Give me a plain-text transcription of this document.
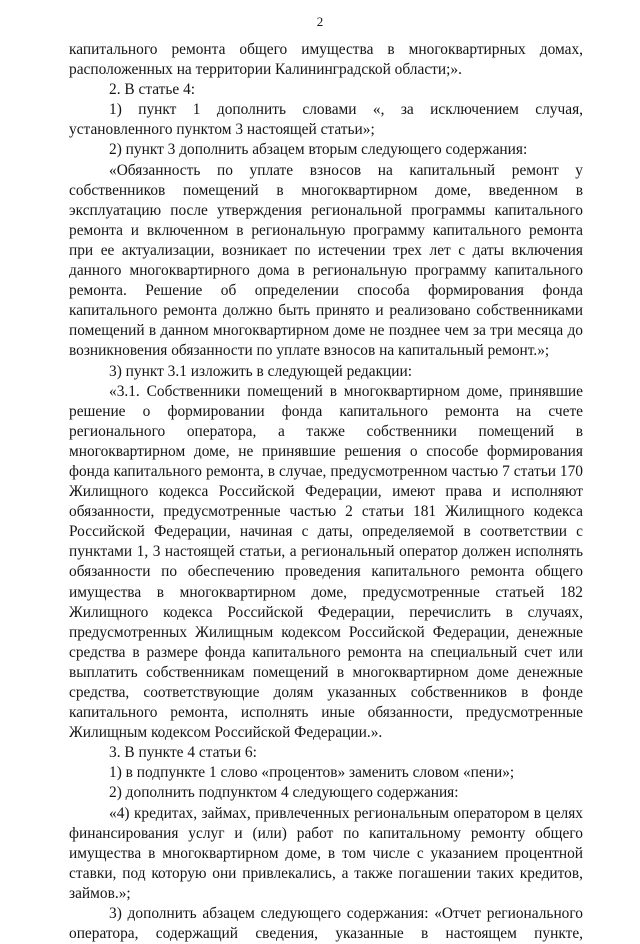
2

капитального ремонта общего имущества в многоквартирных домах, расположенных на территории Калининградской области;».

2. В статье 4:

1) пункт 1 дополнить словами «, за исключением случая, установленного пунктом 3 настоящей статьи»;

2) пункт 3 дополнить абзацем вторым следующего содержания:

«Обязанность по уплате взносов на капитальный ремонт у собственников помещений в многоквартирном доме, введенном в эксплуатацию после утверждения региональной программы капитального ремонта и включенном в региональную программу капитального ремонта при ее актуализации, возникает по истечении трех лет с даты включения данного многоквартирного дома в региональную программу капитального ремонта. Решение об определении способа формирования фонда капитального ремонта должно быть принято и реализовано собственниками помещений в данном многоквартирном доме не позднее чем за три месяца до возникновения обязанности по уплате взносов на капитальный ремонт.»;

3) пункт 3.1 изложить в следующей редакции:

«3.1. Собственники помещений в многоквартирном доме, принявшие решение о формировании фонда капитального ремонта на счете регионального оператора, а также собственники помещений в многоквартирном доме, не принявшие решения о способе формирования фонда капитального ремонта, в случае, предусмотренном частью 7 статьи 170 Жилищного кодекса Российской Федерации, имеют права и исполняют обязанности, предусмотренные частью 2 статьи 181 Жилищного кодекса Российской Федерации, начиная с даты, определяемой в соответствии с пунктами 1, 3 настоящей статьи, а региональный оператор должен исполнять обязанности по обеспечению проведения капитального ремонта общего имущества в многоквартирном доме, предусмотренные статьей 182 Жилищного кодекса Российской Федерации, перечислить в случаях, предусмотренных Жилищным кодексом Российской Федерации, денежные средства в размере фонда капитального ремонта на специальный счет или выплатить собственникам помещений в многоквартирном доме денежные средства, соответствующие долям указанных собственников в фонде капитального ремонта, исполнять иные обязанности, предусмотренные Жилищным кодексом Российской Федерации.».

3. В пункте 4 статьи 6:

1) в подпункте 1 слово «процентов» заменить словом «пени»;

2) дополнить подпунктом 4 следующего содержания:

«4) кредитах, займах, привлеченных региональным оператором в целях финансирования услуг и (или) работ по капитальному ремонту общего имущества в многоквартирном доме, в том числе с указанием процентной ставки, под которую они привлекались, а также погашении таких кредитов, займов.»;

3) дополнить абзацем следующего содержания: «Отчет регионального оператора, содержащий сведения, указанные в настоящем пункте,
